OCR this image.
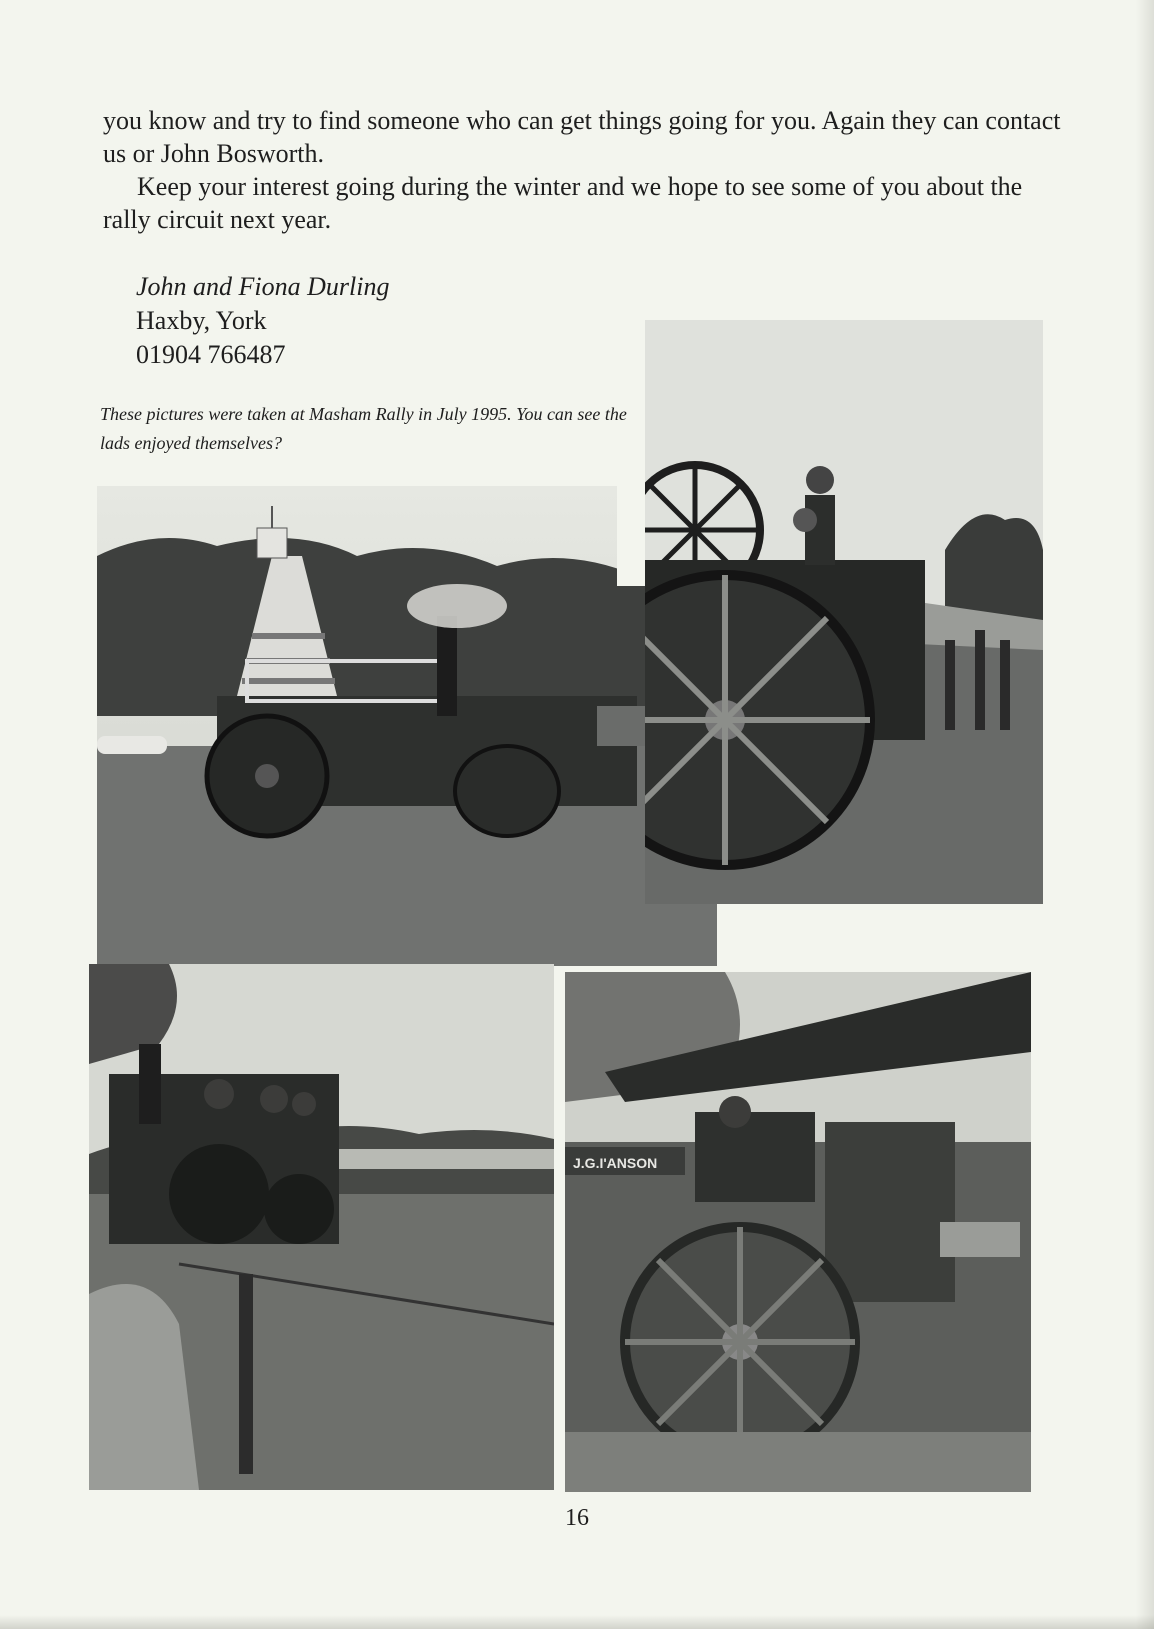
you know and try to find someone who can get things going for you. Again they can contact us or John Bosworth.

Keep your interest going during the winter and we hope to see some of you about the rally circuit next year.

John and Fiona Durling
Haxby, York
01904 766487
These pictures were taken at Masham Rally in July 1995. You can see the lads enjoyed themselves?
J.G.I'ANSON
16
